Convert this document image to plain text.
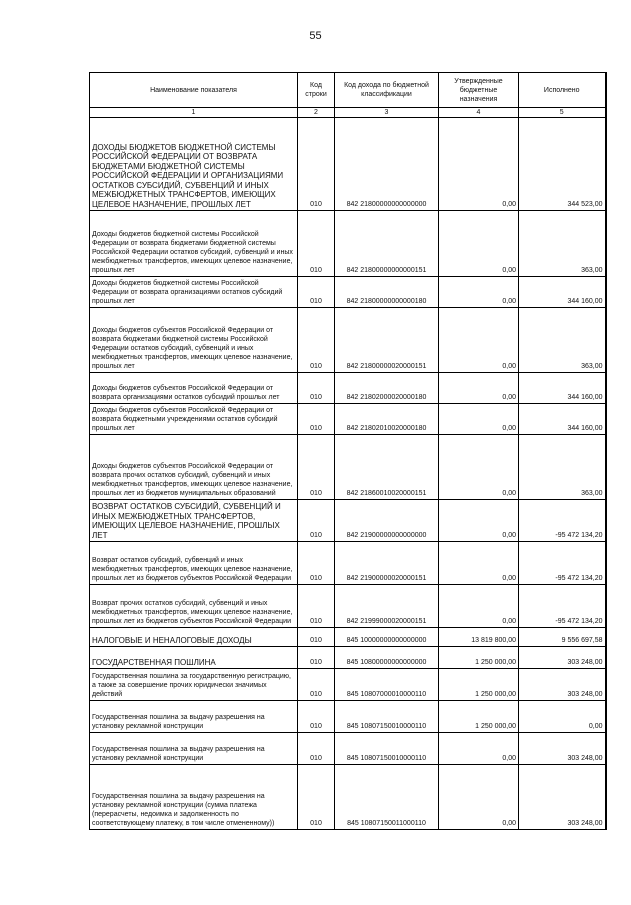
55
Наименование показателя	Код строки	Код дохода по бюджетной классификации	Утвержденные бюджетные назначения	Исполнено
1	2	3	4	5
ДОХОДЫ БЮДЖЕТОВ БЮДЖЕТНОЙ СИСТЕМЫ РОССИЙСКОЙ ФЕДЕРАЦИИ ОТ ВОЗВРАТА БЮДЖЕТАМИ БЮДЖЕТНОЙ СИСТЕМЫ РОССИЙСКОЙ ФЕДЕРАЦИИ И ОРГАНИЗАЦИЯМИ ОСТАТКОВ СУБСИДИЙ, СУБВЕНЦИЙ И ИНЫХ МЕЖБЮДЖЕТНЫХ ТРАНСФЕРТОВ, ИМЕЮЩИХ ЦЕЛЕВОЕ НАЗНАЧЕНИЕ, ПРОШЛЫХ ЛЕТ	010	842 21800000000000000	0,00	344 523,00
Доходы бюджетов бюджетной системы Российской Федерации от возврата бюджетами бюджетной системы Российской Федерации остатков субсидий, субвенций и иных межбюджетных трансфертов, имеющих целевое назначение, прошлых лет	010	842 21800000000000151	0,00	363,00
Доходы бюджетов бюджетной системы Российской Федерации от возврата организациями остатков субсидий прошлых лет	010	842 21800000000000180	0,00	344 160,00
Доходы бюджетов субъектов Российской Федерации от возврата бюджетами бюджетной системы Российской Федерации остатков субсидий, субвенций и иных межбюджетных трансфертов, имеющих целевое назначение, прошлых лет	010	842 21800000020000151	0,00	363,00
Доходы бюджетов субъектов Российской Федерации от возврата организациями остатков субсидий прошлых лет	010	842 21802000020000180	0,00	344 160,00
Доходы бюджетов субъектов Российской Федерации от возврата бюджетными учреждениями остатков субсидий прошлых лет	010	842 21802010020000180	0,00	344 160,00
Доходы бюджетов субъектов Российской Федерации от возврата прочих остатков субсидий, субвенций и иных межбюджетных трансфертов, имеющих целевое назначение, прошлых лет из бюджетов муниципальных образований	010	842 21860010020000151	0,00	363,00
ВОЗВРАТ ОСТАТКОВ СУБСИДИЙ, СУБВЕНЦИЙ И ИНЫХ МЕЖБЮДЖЕТНЫХ ТРАНСФЕРТОВ, ИМЕЮЩИХ ЦЕЛЕВОЕ НАЗНАЧЕНИЕ, ПРОШЛЫХ ЛЕТ	010	842 21900000000000000	0,00	-95 472 134,20
Возврат остатков субсидий, субвенций и иных межбюджетных трансфертов, имеющих целевое назначение, прошлых лет из бюджетов субъектов Российской Федерации	010	842 21900000020000151	0,00	-95 472 134,20
Возврат прочих остатков субсидий, субвенций и иных межбюджетных трансфертов, имеющих целевое назначение, прошлых лет из бюджетов субъектов Российской Федерации	010	842 21999000020000151	0,00	-95 472 134,20
НАЛОГОВЫЕ И НЕНАЛОГОВЫЕ ДОХОДЫ	010	845 10000000000000000	13 819 800,00	9 556 697,58
ГОСУДАРСТВЕННАЯ ПОШЛИНА	010	845 10800000000000000	1 250 000,00	303 248,00
Государственная пошлина за государственную регистрацию, а также за совершение прочих юридически значимых действий	010	845 10807000010000110	1 250 000,00	303 248,00
Государственная пошлина за выдачу разрешения на установку рекламной конструкции	010	845 10807150010000110	1 250 000,00	0,00
Государственная пошлина за выдачу разрешения на установку рекламной конструкции	010	845 10807150010000110	0,00	303 248,00
Государственная пошлина за выдачу разрешения на установку рекламной конструкции (сумма платежа (перерасчеты, недоимка и задолженность по соответствующему платежу, в том числе отмененному))	010	845 10807150011000110	0,00	303 248,00
